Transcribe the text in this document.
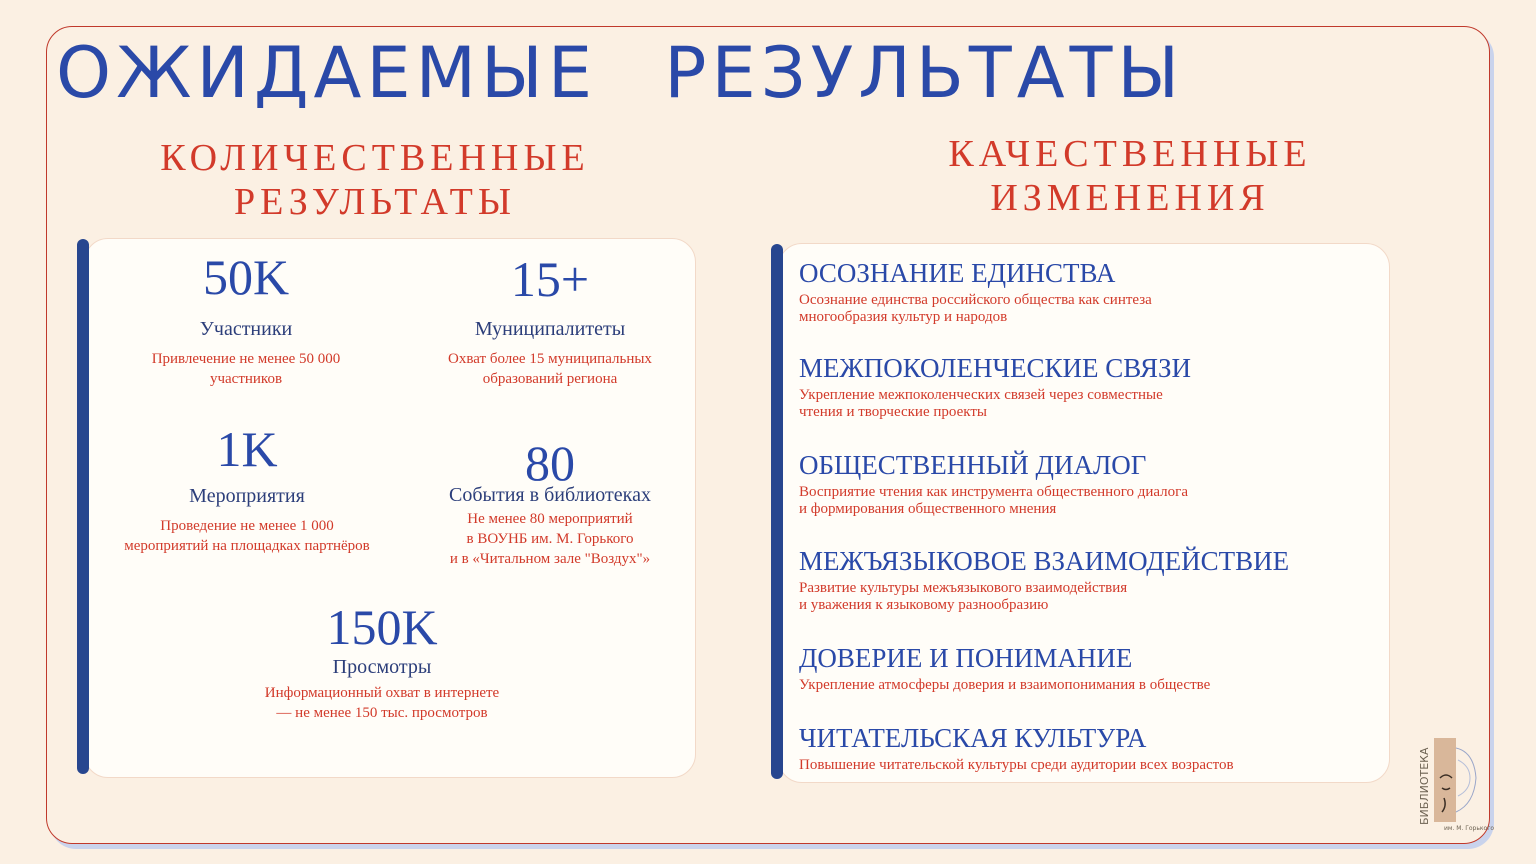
ОЖИДАЕМЫЕ РЕЗУЛЬТАТЫ
КОЛИЧЕСТВЕННЫЕ
РЕЗУЛЬТАТЫ
КАЧЕСТВЕННЫЕ
ИЗМЕНЕНИЯ
50K
Участники
Привлечение не менее 50 000
участников
15+
Муниципалитеты
Охват более 15 муниципальных
образований региона
1K
Мероприятия
Проведение не менее 1 000
мероприятий на площадках партнёров
80
События в библиотеках
Не менее 80 мероприятий
в ВОУНБ им. М. Горького
и в «Читальном зале "Воздух"»
150K
Просмотры
Информационный охват в интернете
— не менее 150 тыс. просмотров
ОСОЗНАНИЕ ЕДИНСТВА
Осознание единства российского общества как синтеза
многообразия культур и народов
МЕЖПОКОЛЕНЧЕСКИЕ СВЯЗИ
Укрепление межпоколенческих связей через совместные
чтения и творческие проекты
ОБЩЕСТВЕННЫЙ ДИАЛОГ
Восприятие чтения как инструмента общественного диалога
и формирования общественного мнения
МЕЖЪЯЗЫКОВОЕ ВЗАИМОДЕЙСТВИЕ
Развитие культуры межъязыкового взаимодействия
и уважения к языковому разнообразию
ДОВЕРИЕ И ПОНИМАНИЕ
Укрепление атмосферы доверия и взаимопонимания в обществе
ЧИТАТЕЛЬСКАЯ КУЛЬТУРА
Повышение читательской культуры среди аудитории всех возрастов
им. М. Горького
БИБЛИОТЕКА
